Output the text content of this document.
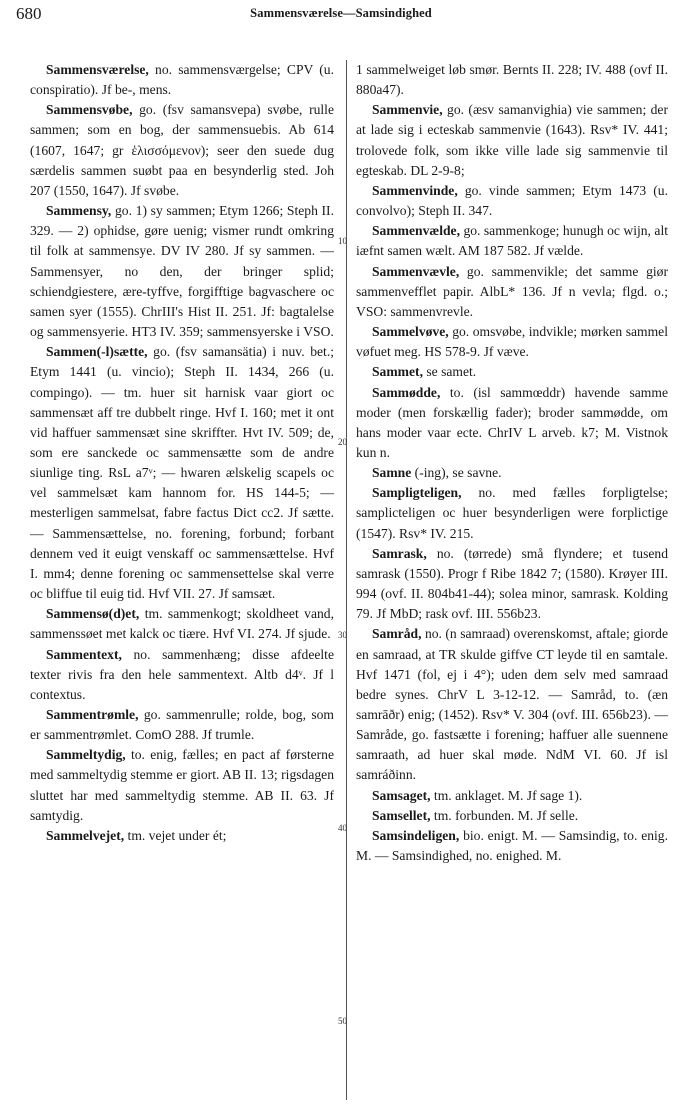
680	Sammensværelse—Samsindighed
Sammensværelse, no. sammensværgelse; CPV (u. conspiratio). Jf be-, mens.
Sammensvøbe, go. (fsv samansvepa) svøbe, rulle sammen; som en bog, der sammensuebis. Ab 614 (1607, 1647; gr ἑλισσόμενον); seer den suede dug særdelis sammen suøbt paa en besynderlig sted. Joh 207 (1550, 1647). Jf svøbe.
Sammensy, go. 1) sy sammen; Etym 1266; Steph II. 329. — 2) ophidse, gøre uenig; vismer rundt omkring til folk at sammensye. DV IV 280. Jf sy sammen. — Sammensyer, no den, der bringer splid; schiendgiestere, ære-tyffve, forgifftige bagvaschere oc samen syer (1555). ChrIII's Hist II. 251. Jf: bagtalelse og sammensyerie. HT3 IV. 359; sammensyerske i VSO.
Sammen(-l)sætte, go. (fsv samansätia) i nuv. bet.; Etym 1441 (u. vincio); Steph II. 1434, 266 (u. compingo). — tm. huer sit harnisk vaar giort oc sammensæt aff tre dubbelt ringe. Hvf I. 160; met it ont vid haffuer sammensæt sine skriffter. Hvt IV. 509; de, som ere sanckede oc sammensætte som de andre siunlige ting. RsL a7ᵛ; — hwaren ælskelig scapels oc vel sammelsæt kam hannom for. HS 144-5; — mesterligen sammelsat, fabre factus Dict cc2. Jf sætte. — Sammensættelse, no. forening, forbund; forbant dennem ved it euigt venskaff oc sammensættelse. Hvf I. mm4; denne forening oc sammensettelse skal verre oc bliffue til euig tid. Hvf VII. 27. Jf samsæt.
Sammensø(d)et, tm. sammenkogt; skoldheet vand, sammenssøet met kalck oc tiære. Hvf VI. 274. Jf sjude.
Sammentext, no. sammenhæng; disse afdeelte texter rivis fra den hele sammentext. Altb d4ᵛ. Jf l contextus.
Sammentrømle, go. sammenrulle; rolde, bog, som er sammentrømlet. ComO 288. Jf trumle.
Sammeltydig, to. enig, fælles; en pact af førsterne med sammeltydig stemme er giort. AB II. 13; rigsdagen sluttet har med sammeltydig stemme. AB II. 63. Jf samtydig.
Sammelvejet, tm. vejet under ét;
1 sammelweiget løb smør. Bernts II. 228; IV. 488 (ovf II. 880a47).
Sammenvie, go. (æsv samanvighia) vie sammen; der at lade sig i ecteskab sammenvie (1643). Rsv* IV. 441; trolovede folk, som ikke ville lade sig sammenvie til egteskab. DL 2-9-8;
Sammenvinde, go. vinde sammen; Etym 1473 (u. convolvo); Steph II. 347.
Sammenvælde, go. sammenkoge; hunugh oc wijn, alt iæfnt samen wælt. AM 187 582. Jf vælde.
Sammenvævle, go. sammenvikle; det samme giør sammenvefflet papir. AlbL* 136. Jf n vevla; flgd. o.; VSO: sammenvrevle.
Sammelvøve, go. omsvøbe, indvikle; mørken sammel vøfuet meg. HS 578-9. Jf væve.
Sammet, se samet.
Sammødde, to. (isl sammœddr) havende samme moder (men forskællig fader); broder sammødde, om hans moder vaar ecte. ChrIV L arveb. k7; M. Vistnok kun n.
Samne (-ing), se savne.
Sampligteligen, no. med fælles forpligtelse; samplicteligen oc huer besynderligen were forplictige (1547). Rsv* IV. 215.
Samrask, no. (tørrede) små flyndere; et tusend samrask (1550). Progr f Ribe 1842 7; (1580). Krøyer III. 994 (ovf. II. 804b41-44); solea minor, samrask. Kolding 79. Jf MbD; rask ovf. III. 556b23.
Samråd, no. (n samraad) overenskomst, aftale; giorde en samraad, at TR skulde giffve CT leyde til en samtale. Hvf 1471 (fol, ej i 4°); uden dem selv med samraad bedre synes. ChrV L 3-12-12. — Samråd, to. (æn samrāðr) enig; (1452). Rsv* V. 304 (ovf. III. 656b23). — Samråde, go. fastsætte i forening; haffuer alle suennene samraath, ad huer skal møde. NdM VI. 60. Jf isl samráðinn.
Samsaget, tm. anklaget. M. Jf sage 1).
Samsellet, tm. forbunden. M. Jf selle.
Samsindeligen, bio. enigt. M. — Samsindig, to. enig. M. — Samsindighed, no. enighed. M.
10
20
30
40
50
